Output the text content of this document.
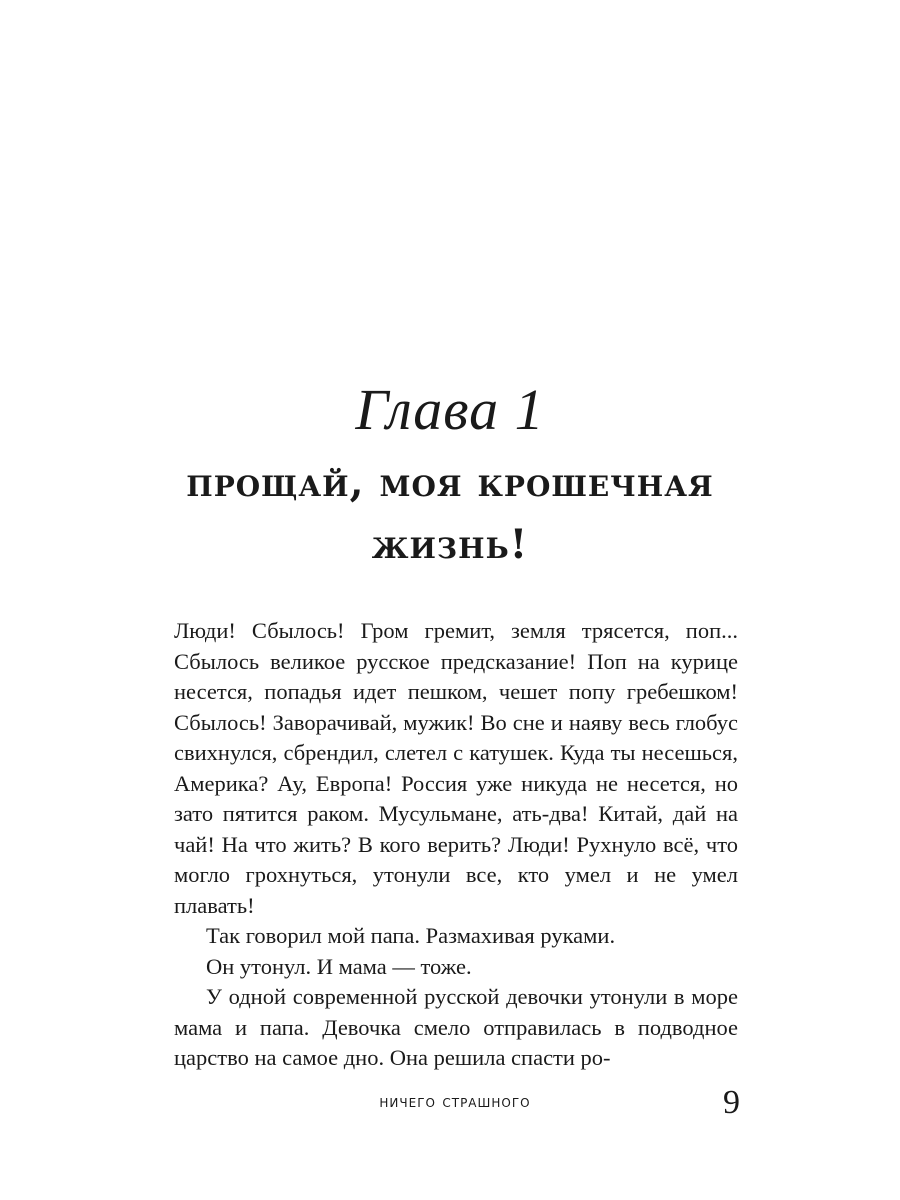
Глава 1
прощай, моя крошечная
жизнь!

Люди! Сбылось! Гром гремит, земля трясется, поп... Сбылось великое русское предсказание! Поп на курице несется, попадья идет пешком, чешет попу гребешком! Сбылось! Заворачивай, мужик! Во сне и наяву весь глобус свихнулся, сбрендил, слетел с катушек. Куда ты несешься, Америка? Ау, Европа! Россия уже никуда не несется, но зато пятится раком. Мусульмане, ать-два! Китай, дай на чай! На что жить? В кого верить? Люди! Рухнуло всё, что могло грохнуться, утонули все, кто умел и не умел плавать!

Так говорил мой папа. Размахивая руками.

Он утонул. И мама — тоже.

У одной современной русской девочки утонули в море мама и папа. Девочка смело отправилась в подводное царство на самое дно. Она решила спасти ро-

ничего страшного	9
